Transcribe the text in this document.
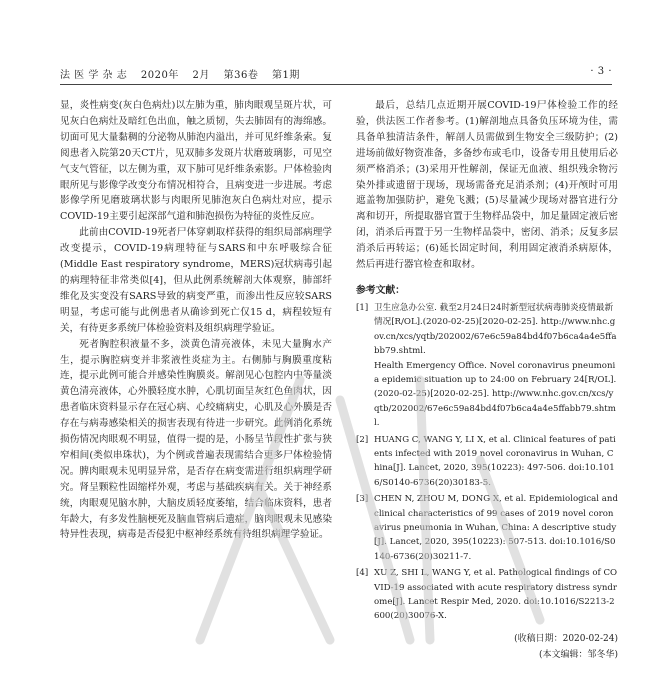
法 医 学 杂 志 2020年 2月 第36卷 第1期	· 3 ·

显，炎性病变(灰白色病灶)以左肺为重，肺肉眼观呈斑片状，可见灰白色病灶及暗红色出血，触之质韧，失去肺固有的海绵感。切面可见大量黏稠的分泌物从肺泡内溢出，并可见纤维条索。复阅患者入院第20天CT片，见双肺多发斑片状磨玻璃影，可见空气支气管征，以左侧为重，双下肺可见纤维条索影。尸体检验肉眼所见与影像学改变分布情况相符合，且病变进一步进展。考虑影像学所见磨玻璃状影与肉眼所见肺泡灰白色病灶对应，提示COVID-19主要引起深部气道和肺泡损伤为特征的炎性反应。

此前由COVID-19死者尸体穿刺取样获得的组织局部病理学改变提示，COVID-19病理特征与SARS和中东呼吸综合征(Middle East respiratory syndrome，MERS)冠状病毒引起的病理特征非常类似[4]，但从此例系统解剖大体观察，肺部纤维化及实变没有SARS导致的病变严重，而渗出性反应较SARS明显，考虑可能与此例患者从确诊到死亡仅15 d，病程较短有关，有待更多系统尸体检验资料及组织病理学验证。

死者胸腔积液量不多，淡黄色清亮液体，未见大量胸水产生，提示胸腔病变并非浆液性炎症为主。右侧肺与胸膜重度粘连，提示此例可能合并感染性胸膜炎。解剖见心包腔内中等量淡黄色清亮液体，心外膜轻度水肿，心肌切面呈灰红色鱼肉状，因患者临床资料显示存在冠心病、心绞痛病史，心肌及心外膜是否存在与病毒感染相关的损害表现有待进一步研究。此例消化系统损伤情况肉眼观不明显，值得一提的是，小肠呈节段性扩张与狭窄相间(类似串珠状)，为个例或普遍表现需结合更多尸体检验情况。脾肉眼观未见明显异常，是否存在病变需进行组织病理学研究。肾呈颗粒性固缩样外观，考虑与基础疾病有关。关于神经系统，肉眼观见脑水肿，大脑皮质轻度萎缩，结合临床资料，患者年龄大，有多发性脑梗死及脑血管病后遗症，脑肉眼观未见感染特异性表现，病毒是否侵犯中枢神经系统有待组织病理学验证。

最后，总结几点近期开展COVID-19尸体检验工作的经验，供法医工作者参考。(1)解剖地点具备负压环境为佳，需具备单独清洁条件，解剖人员需做到生物安全三级防护；(2)进场前做好物资准备，多备纱布或毛巾，设备专用且使用后必须严格消杀；(3)采用开性解剖，保证无血液、组织残余物污染外排或遗留于现场，现场需备充足消杀剂；(4)开颅时可用遮盖物加强防护，避免飞溅；(5)尽量减少现场对器官进行分离和切开，所提取器官置于生物样品袋中，加足量固定液后密闭，消杀后再置于另一生物样品袋中，密闭、消杀；反复多层消杀后再转运；(6)延长固定时间，利用固定液消杀病原体，然后再进行器官检查和取材。

参考文献：
[1] 卫生应急办公室. 截至2月24日24时新型冠状病毒肺炎疫情最新情况[R/OL].(2020-02-25)[2020-02-25]. http://www.nhc.gov.cn/xcs/yqtb/202002/67e6c59a84bd4f07b6ca4a4e5ffabb79.shtml.
Health Emergency Office. Novel coronavirus pneumonia epidemic situation up to 24:00 on February 24[R/OL]. (2020-02-25)[2020-02-25]. http://www.nhc.gov.cn/xcs/yqtb/202002/67e6c59a84bd4f07b6ca4a4e5ffabb79.shtml.
[2] HUANG C, WANG Y, LI X, et al. Clinical features of patients infected with 2019 novel coronavirus in Wuhan, China[J]. Lancet, 2020, 395(10223): 497-506. doi:10.1016/S0140-6736(20)30183-5.
[3] CHEN N, ZHOU M, DONG X, et al. Epidemiological and clinical characteristics of 99 cases of 2019 novel coronavirus pneumonia in Wuhan, China: A descriptive study[J]. Lancet, 2020, 395(10223): 507-513. doi:10.1016/S0140-6736(20)30211-7.
[4] XU Z, SHI L, WANG Y, et al. Pathological findings of COVID-19 associated with acute respiratory distress syndrome[J]. Lancet Respir Med, 2020. doi:10.1016/S2213-2600(20)30076-X.
(收稿日期：2020-02-24)
(本文编辑：邹冬华)
